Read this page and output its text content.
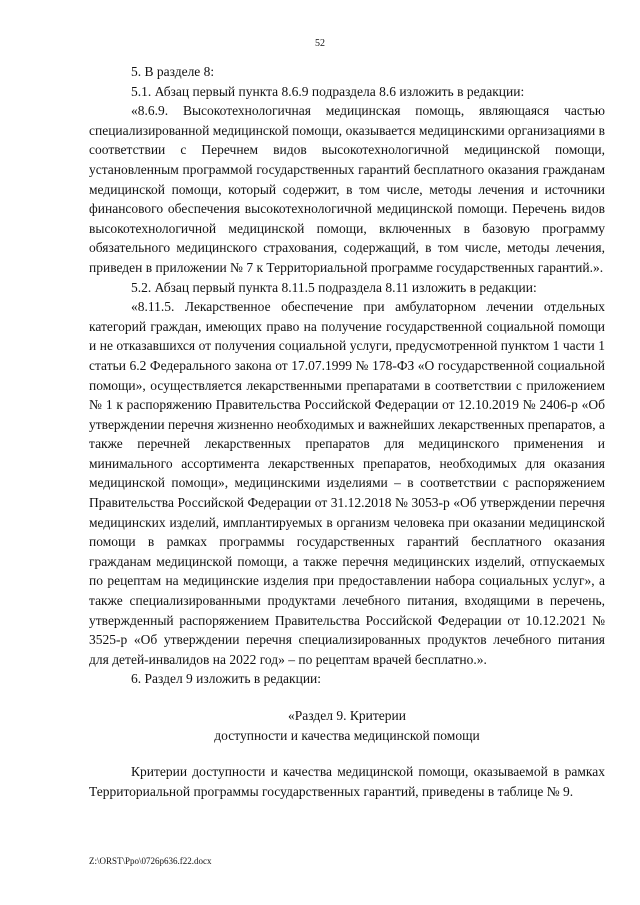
52

5. В разделе 8:

5.1. Абзац первый пункта 8.6.9 подраздела 8.6 изложить в редакции:

«8.6.9. Высокотехнологичная медицинская помощь, являющаяся частью специализированной медицинской помощи, оказывается медицинскими организациями в соответствии с Перечнем видов высокотехнологичной медицинской помощи, установленным программой государственных гарантий бесплатного оказания гражданам медицинской помощи, который содержит, в том числе, методы лечения и источники финансового обеспечения высокотехнологичной медицинской помощи. Перечень видов высокотехнологичной медицинской помощи, включенных в базовую программу обязательного медицинского страхования, содержащий, в том числе, методы лечения, приведен в приложении № 7 к Территориальной программе государственных гарантий.».

5.2. Абзац первый пункта 8.11.5 подраздела 8.11 изложить в редакции:

«8.11.5. Лекарственное обеспечение при амбулаторном лечении отдельных категорий граждан, имеющих право на получение государственной социальной помощи и не отказавшихся от получения социальной услуги, предусмотренной пунктом 1 части 1 статьи 6.2 Федерального закона от 17.07.1999 № 178-ФЗ «О государственной социальной помощи», осуществляется лекарственными препаратами в соответствии с приложением № 1 к распоряжению Правительства Российской Федерации от 12.10.2019 № 2406-р «Об утверждении перечня жизненно необходимых и важнейших лекарственных препаратов, а также перечней лекарственных препаратов для медицинского применения и минимального ассортимента лекарственных препаратов, необходимых для оказания медицинской помощи», медицинскими изделиями – в соответствии с распоряжением Правительства Российской Федерации от 31.12.2018 № 3053-р «Об утверждении перечня медицинских изделий, имплантируемых в организм человека при оказании медицинской помощи в рамках программы государственных гарантий бесплатного оказания гражданам медицинской помощи, а также перечня медицинских изделий, отпускаемых по рецептам на медицинские изделия при предоставлении набора социальных услуг», а также специализированными продуктами лечебного питания, входящими в перечень, утвержденный распоряжением Правительства Российской Федерации от 10.12.2021 № 3525-р «Об утверждении перечня специализированных продуктов лечебного питания для детей-инвалидов на 2022 год» – по рецептам врачей бесплатно.».

6. Раздел 9 изложить в редакции:

«Раздел 9. Критерии
доступности и качества медицинской помощи

Критерии доступности и качества медицинской помощи, оказываемой в рамках Территориальной программы государственных гарантий, приведены в таблице № 9.

Z:\ORST\Ppo\0726p636.f22.docx
